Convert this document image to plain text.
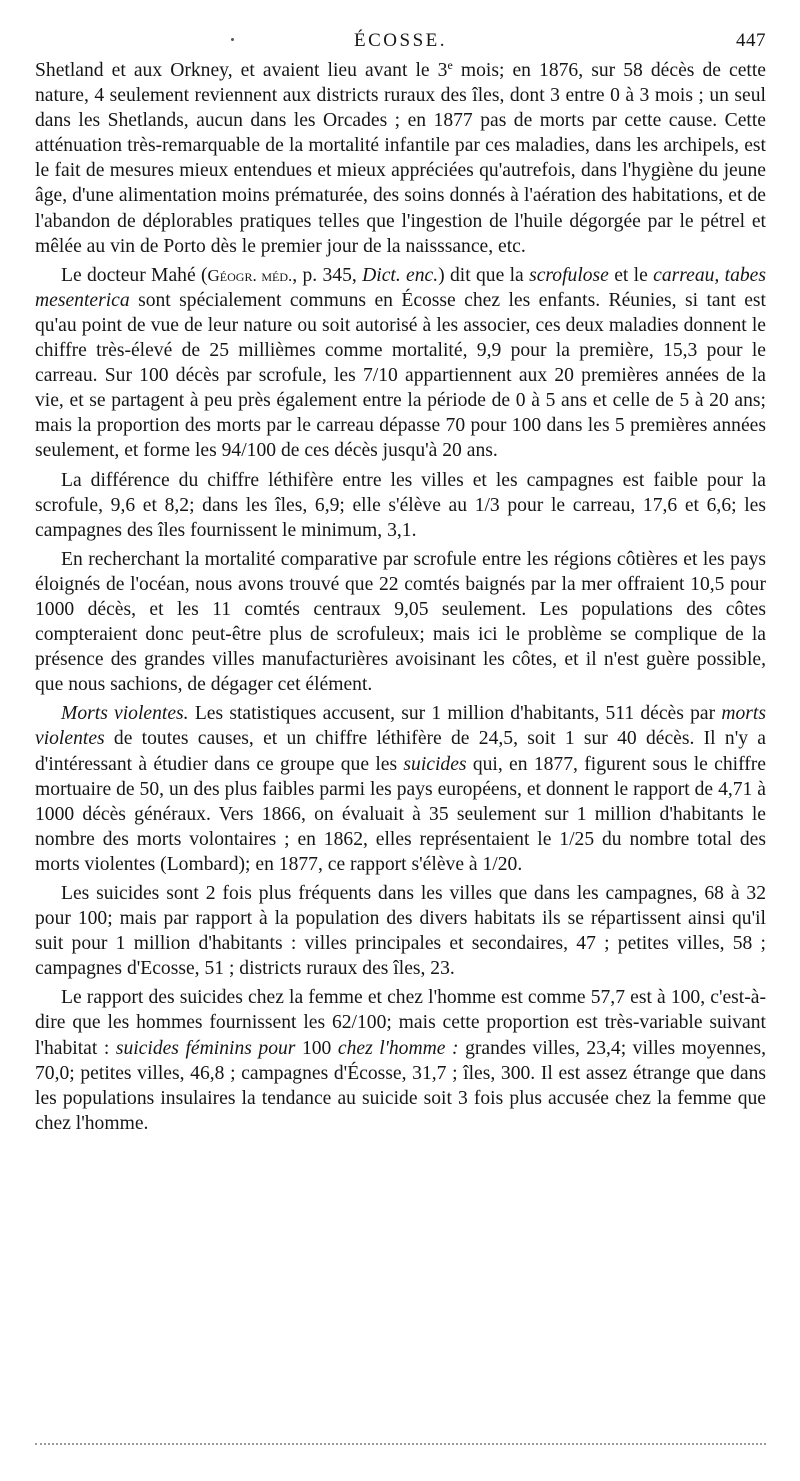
ÉCOSSE.	447

Shetland et aux Orkney, et avaient lieu avant le 3e mois; en 1876, sur 58 décès de cette nature, 4 seulement reviennent aux districts ruraux des îles, dont 3 entre 0 à 3 mois ; un seul dans les Shetlands, aucun dans les Orcades ; en 1877 pas de morts par cette cause. Cette atténuation très-remarquable de la mortalité infantile par ces maladies, dans les archipels, est le fait de mesures mieux entendues et mieux appréciées qu'autrefois, dans l'hygiène du jeune âge, d'une alimentation moins prématurée, des soins donnés à l'aération des habitations, et de l'abandon de déplorables pratiques telles que l'ingestion de l'huile dégorgée par le pétrel et mêlée au vin de Porto dès le premier jour de la naisssance, etc.

Le docteur Mahé (Géogr. méd., p. 345, Dict. enc.) dit que la scrofulose et le carreau, tabes mesenterica sont spécialement communs en Écosse chez les enfants. Réunies, si tant est qu'au point de vue de leur nature ou soit autorisé à les associer, ces deux maladies donnent le chiffre très-élevé de 25 millièmes comme mortalité, 9,9 pour la première, 15,3 pour le carreau. Sur 100 décès par scrofule, les 7/10 appartiennent aux 20 premières années de la vie, et se partagent à peu près également entre la période de 0 à 5 ans et celle de 5 à 20 ans; mais la proportion des morts par le carreau dépasse 70 pour 100 dans les 5 premières années seulement, et forme les 94/100 de ces décès jusqu'à 20 ans.

La différence du chiffre léthifère entre les villes et les campagnes est faible pour la scrofule, 9,6 et 8,2; dans les îles, 6,9; elle s'élève au 1/3 pour le carreau, 17,6 et 6,6; les campagnes des îles fournissent le minimum, 3,1.

En recherchant la mortalité comparative par scrofule entre les régions côtières et les pays éloignés de l'océan, nous avons trouvé que 22 comtés baignés par la mer offraient 10,5 pour 1000 décès, et les 11 comtés centraux 9,05 seulement. Les populations des côtes compteraient donc peut-être plus de scrofuleux; mais ici le problème se complique de la présence des grandes villes manufacturières avoisinant les côtes, et il n'est guère possible, que nous sachions, de dégager cet élément.

Morts violentes. Les statistiques accusent, sur 1 million d'habitants, 511 décès par morts violentes de toutes causes, et un chiffre léthifère de 24,5, soit 1 sur 40 décès. Il n'y a d'intéressant à étudier dans ce groupe que les suicides qui, en 1877, figurent sous le chiffre mortuaire de 50, un des plus faibles parmi les pays européens, et donnent le rapport de 4,71 à 1000 décès généraux. Vers 1866, on évaluait à 35 seulement sur 1 million d'habitants le nombre des morts volontaires ; en 1862, elles représentaient le 1/25 du nombre total des morts violentes (Lombard); en 1877, ce rapport s'élève à 1/20.

Les suicides sont 2 fois plus fréquents dans les villes que dans les campagnes, 68 à 32 pour 100; mais par rapport à la population des divers habitats ils se répartissent ainsi qu'il suit pour 1 million d'habitants : villes principales et secondaires, 47 ; petites villes, 58 ; campagnes d'Ecosse, 51 ; districts ruraux des îles, 23.

Le rapport des suicides chez la femme et chez l'homme est comme 57,7 est à 100, c'est-à-dire que les hommes fournissent les 62/100; mais cette proportion est très-variable suivant l'habitat : suicides féminins pour 100 chez l'homme : grandes villes, 23,4; villes moyennes, 70,0; petites villes, 46,8 ; campagnes d'Écosse, 31,7 ; îles, 300. Il est assez étrange que dans les populations insulaires la tendance au suicide soit 3 fois plus accusée chez la femme que chez l'homme.
